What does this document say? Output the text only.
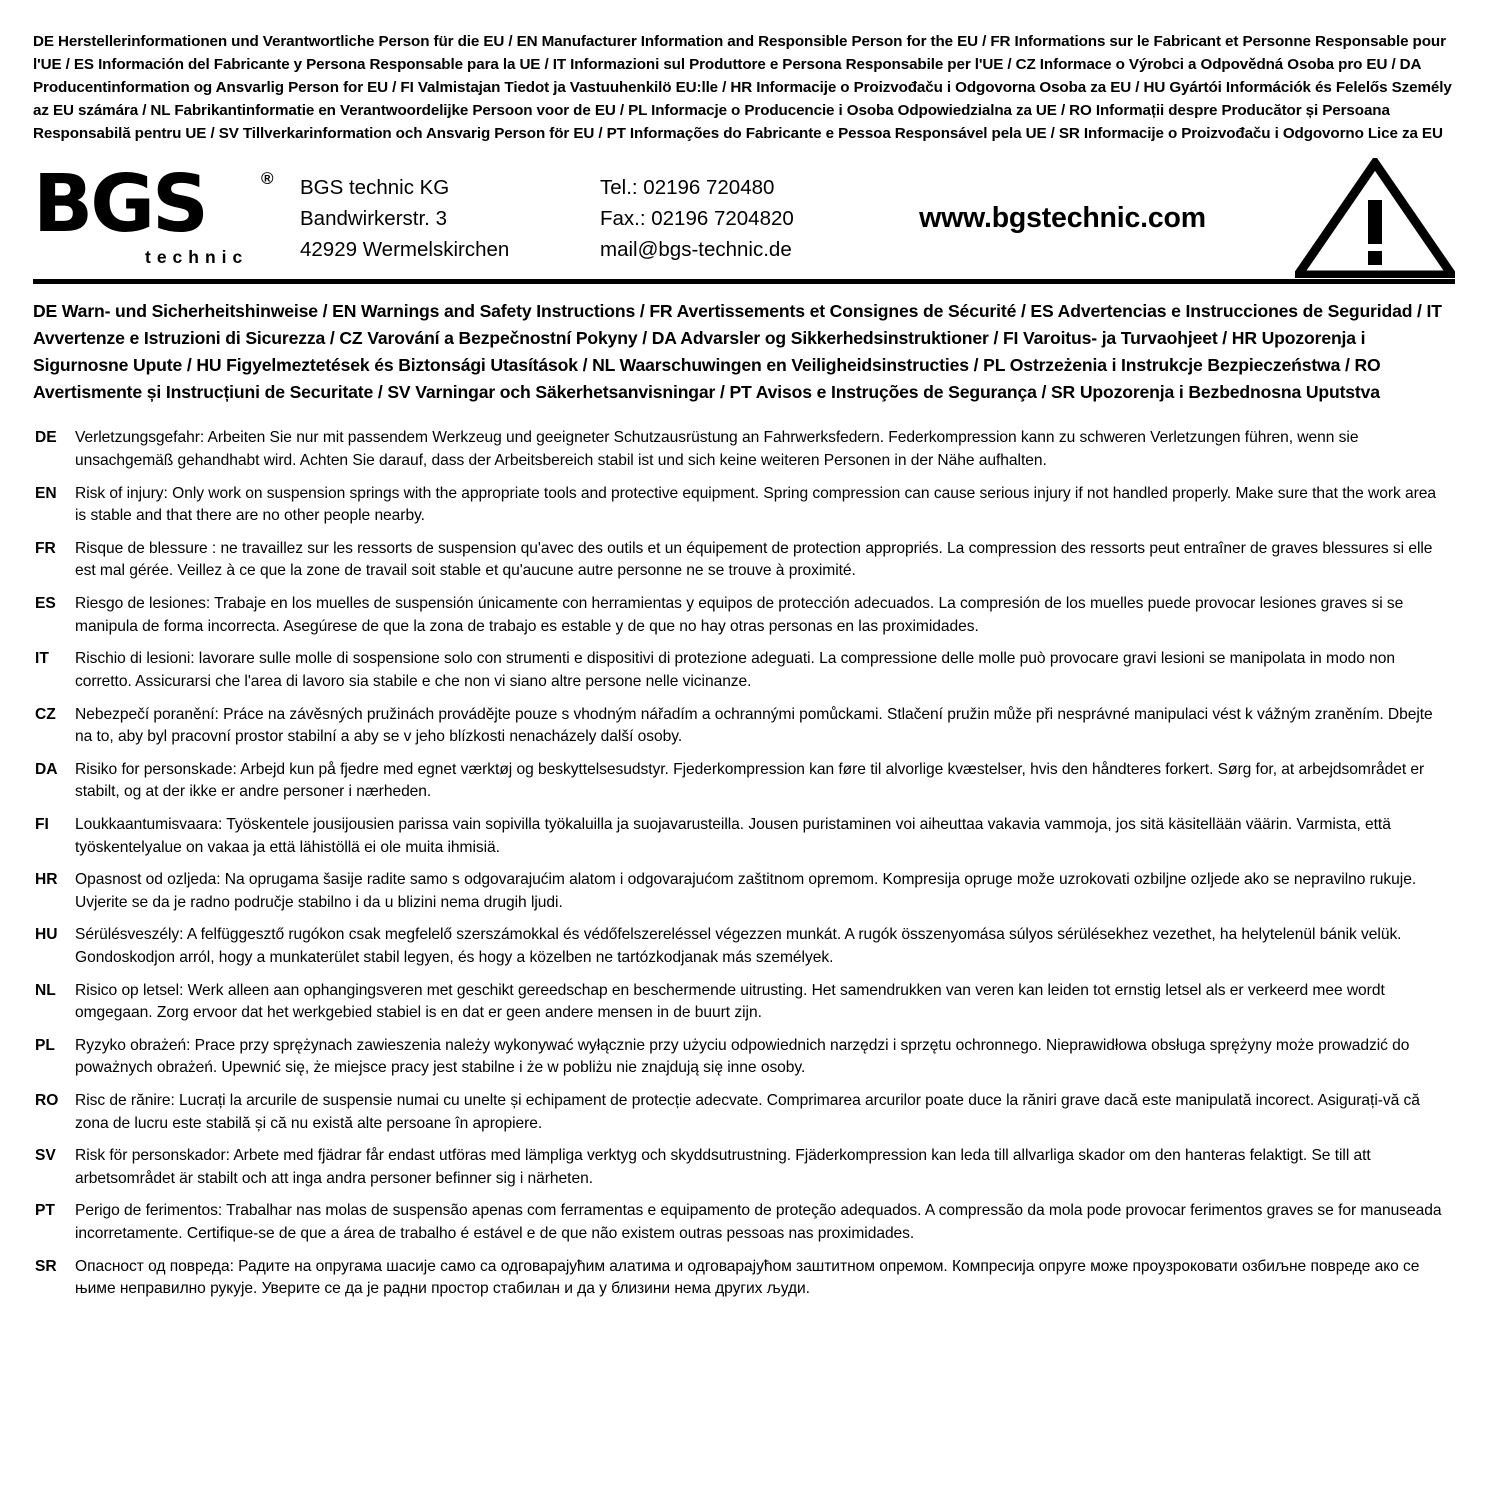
DE Herstellerinformationen und Verantwortliche Person für die EU / EN Manufacturer Information and Responsible Person for the EU / FR Informations sur le Fabricant et Personne Responsable pour l'UE / ES Información del Fabricante y Persona Responsable para la UE / IT Informazioni sul Produttore e Persona Responsabile per l'UE / CZ Informace o Výrobci a Odpovědná Osoba pro EU / DA Producentinformation og Ansvarlig Person for EU / FI Valmistajan Tiedot ja Vastuuhenkilö EU:lle / HR Informacije o Proizvođaču i Odgovorna Osoba za EU / HU Gyártói Információk és Felelős Személy az EU számára / NL Fabrikantinformatie en Verantwoordelijke Persoon voor de EU / PL Informacje o Producencie i Osoba Odpowiedzialna za UE / RO Informații despre Producător și Persoana Responsabilă pentru UE / SV Tillverkarinformation och Ansvarig Person för EU / PT Informações do Fabricante e Pessoa Responsável pela UE / SR Informacije o Proizvođaču i Odgovorno Lice za EU
BGS	®
technic
BGS technic KG
Bandwirkerstr. 3
42929 Wermelskirchen
Tel.: 02196 720480
Fax.: 02196 7204820
mail@bgs-technic.de
www.bgstechnic.com
DE Warn- und Sicherheitshinweise / EN Warnings and Safety Instructions / FR Avertissements et Consignes de Sécurité / ES Advertencias e Instrucciones de Seguridad / IT Avvertenze e Istruzioni di Sicurezza / CZ Varování a Bezpečnostní Pokyny / DA Advarsler og Sikkerhedsinstruktioner / FI Varoitus- ja Turvaohjeet / HR Upozorenja i Sigurnosne Upute / HU Figyelmeztetések és Biztonsági Utasítások / NL Waarschuwingen en Veiligheidsinstructies / PL Ostrzeżenia i Instrukcje Bezpieczeństwa / RO Avertismente și Instrucțiuni de Securitate / SV Varningar och Säkerhetsanvisningar / PT Avisos e Instruções de Segurança / SR Upozorenja i Bezbednosna Uputstva
DE	Verletzungsgefahr: Arbeiten Sie nur mit passendem Werkzeug und geeigneter Schutzausrüstung an Fahrwerksfedern. Federkompression kann zu schweren Verletzungen führen, wenn sie unsachgemäß gehandhabt wird. Achten Sie darauf, dass der Arbeitsbereich stabil ist und sich keine weiteren Personen in der Nähe aufhalten.
EN	Risk of injury: Only work on suspension springs with the appropriate tools and protective equipment. Spring compression can cause serious injury if not handled properly. Make sure that the work area is stable and that there are no other people nearby.
FR	Risque de blessure : ne travaillez sur les ressorts de suspension qu'avec des outils et un équipement de protection appropriés. La compression des ressorts peut entraîner de graves blessures si elle est mal gérée. Veillez à ce que la zone de travail soit stable et qu'aucune autre personne ne se trouve à proximité.
ES	Riesgo de lesiones: Trabaje en los muelles de suspensión únicamente con herramientas y equipos de protección adecuados. La compresión de los muelles puede provocar lesiones graves si se manipula de forma incorrecta. Asegúrese de que la zona de trabajo es estable y de que no hay otras personas en las proximidades.
IT	Rischio di lesioni: lavorare sulle molle di sospensione solo con strumenti e dispositivi di protezione adeguati. La compressione delle molle può provocare gravi lesioni se manipolata in modo non corretto. Assicurarsi che l'area di lavoro sia stabile e che non vi siano altre persone nelle vicinanze.
CZ	Nebezpečí poranění: Práce na závěsných pružinách provádějte pouze s vhodným nářadím a ochrannými pomůckami. Stlačení pružin může při nesprávné manipulaci vést k vážným zraněním. Dbejte na to, aby byl pracovní prostor stabilní a aby se v jeho blízkosti nenacházely další osoby.
DA	Risiko for personskade: Arbejd kun på fjedre med egnet værktøj og beskyttelsesudstyr. Fjederkompression kan føre til alvorlige kvæstelser, hvis den håndteres forkert. Sørg for, at arbejdsområdet er stabilt, og at der ikke er andre personer i nærheden.
FI	Loukkaantumisvaara: Työskentele jousijousien parissa vain sopivilla työkaluilla ja suojavarusteilla. Jousen puristaminen voi aiheuttaa vakavia vammoja, jos sitä käsitellään väärin. Varmista, että työskentelyalue on vakaa ja että lähistöllä ei ole muita ihmisiä.
HR	Opasnost od ozljeda: Na oprugama šasije radite samo s odgovarajućim alatom i odgovarajućom zaštitnom opremom. Kompresija opruge može uzrokovati ozbiljne ozljede ako se nepravilno rukuje. Uvjerite se da je radno područje stabilno i da u blizini nema drugih ljudi.
HU	Sérülésveszély: A felfüggesztő rugókon csak megfelelő szerszámokkal és védőfelszereléssel végezzen munkát. A rugók összenyomása súlyos sérülésekhez vezethet, ha helytelenül bánik velük. Gondoskodjon arról, hogy a munkaterület stabil legyen, és hogy a közelben ne tartózkodjanak más személyek.
NL	Risico op letsel: Werk alleen aan ophangingsveren met geschikt gereedschap en beschermende uitrusting. Het samendrukken van veren kan leiden tot ernstig letsel als er verkeerd mee wordt omgegaan. Zorg ervoor dat het werkgebied stabiel is en dat er geen andere mensen in de buurt zijn.
PL	Ryzyko obrażeń: Prace przy sprężynach zawieszenia należy wykonywać wyłącznie przy użyciu odpowiednich narzędzi i sprzętu ochronnego. Nieprawidłowa obsługa sprężyny może prowadzić do poważnych obrażeń. Upewnić się, że miejsce pracy jest stabilne i że w pobliżu nie znajdują się inne osoby.
RO	Risc de rănire: Lucrați la arcurile de suspensie numai cu unelte și echipament de protecție adecvate. Comprimarea arcurilor poate duce la răniri grave dacă este manipulată incorect. Asigurați-vă că zona de lucru este stabilă și că nu există alte persoane în apropiere.
SV	Risk för personskador: Arbete med fjädrar får endast utföras med lämpliga verktyg och skyddsutrustning. Fjäderkompression kan leda till allvarliga skador om den hanteras felaktigt. Se till att arbetsområdet är stabilt och att inga andra personer befinner sig i närheten.
PT	Perigo de ferimentos: Trabalhar nas molas de suspensão apenas com ferramentas e equipamento de proteção adequados. A compressão da mola pode provocar ferimentos graves se for manuseada incorretamente. Certifique-se de que a área de trabalho é estável e de que não existem outras pessoas nas proximidades.
SR	Опасност од повреда: Радите на опругама шасије само са одговарајућим алатима и одговарајућом заштитном опремом. Компресија опруге може проузроковати озбиљне повреде ако се њиме неправилно рукује. Уверите се да је радни простор стабилан и да у близини нема других људи.
